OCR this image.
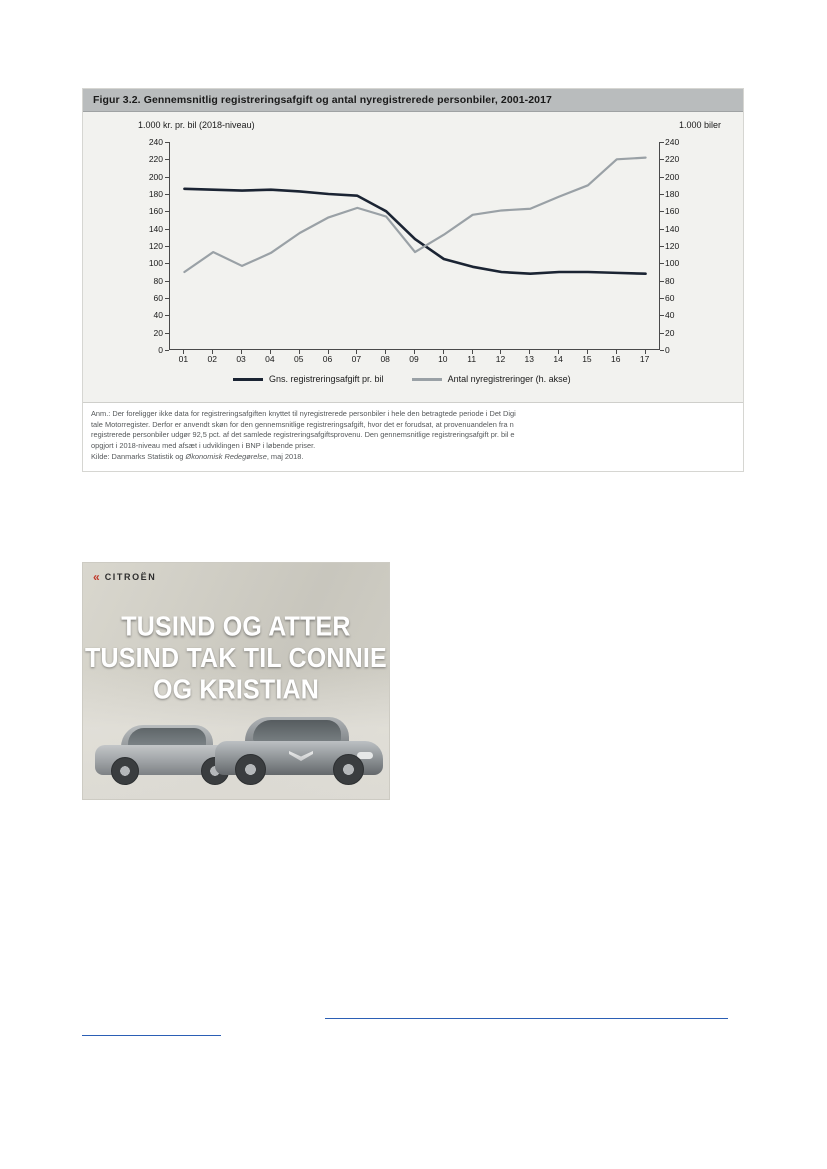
Figur 3.2. Gennemsnitlig registreringsafgift og antal nyregistrerede personbiler, 2001-2017
1.000 kr. pr. bil (2018-niveau)	1.000 biler
0
20
40
60
80
100
120
140
160
180
200
220
240
0
20
40
60
80
100
120
140
160
180
200
220
240
01	02	03	04	05	06	07	08	09	10	11	12	13	14	15	16	17
Gns. registreringsafgift pr. bil	Antal nyregistreringer (h. akse)
Anm.: Der foreligger ikke data for registreringsafgiften knyttet til nyregistrerede personbiler i hele den betragtede periode i Det Digi
tale Motorregister. Derfor er anvendt skøn for den gennemsnitlige registreringsafgift, hvor det er forudsat, at provenuandelen fra n
registrerede personbiler udgør 92,5 pct. af det samlede registreringsafgiftsprovenu. Den gennemsnitlige registreringsafgift pr. bil e
opgjort i 2018-niveau med afsæt i udviklingen i BNP i løbende priser.
Kilde: Danmarks Statistik og Økonomisk Redegørelse, maj 2018.
« CITROËN
TUSIND OG ATTER
TUSIND TAK TIL CONNIE
OG KRISTIAN
